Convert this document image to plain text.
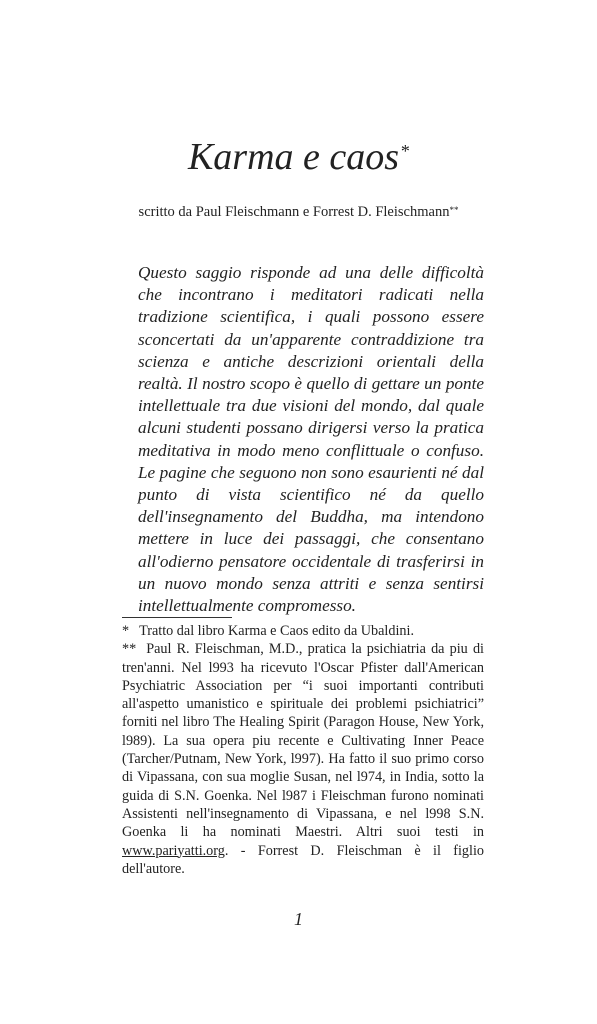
Karma e caos*
scritto da Paul Fleischmann e Forrest D. Fleischmann**

Questo saggio risponde ad una delle difficoltà che incontrano i meditatori radicati nella tradizione scientifica, i quali possono essere sconcertati da un'apparente contraddizione tra scienza e antiche descrizioni orientali della realtà. Il nostro scopo è quello di gettare un ponte intellettuale tra due visioni del mondo, dal quale alcuni studenti possano dirigersi verso la pratica meditativa in modo meno conflittuale o confuso. Le pagine che seguono non sono esaurienti né dal punto di vista scientifico né da quello dell'insegnamento del Buddha, ma intendono mettere in luce dei passaggi, che consentano all'odierno pensatore occidentale di trasferirsi in un nuovo mondo senza attriti e senza sentirsi intellettualmente compromesso.

* Tratto dal libro Karma e Caos edito da Ubaldini.

** Paul R. Fleischman, M.D., pratica la psichiatria da piu di tren'anni. Nel l993 ha ricevuto l'Oscar Pfister dall'American Psychiatric Association per “i suoi importanti contributi all'aspetto umanistico e spirituale dei problemi psichiatrici” forniti nel libro The Healing Spirit (Paragon House, New York, l989). La sua opera piu recente e Cultivating Inner Peace (Tarcher/Putnam, New York, l997). Ha fatto il suo primo corso di Vipassana, con sua moglie Susan, nel l974, in India, sotto la guida di S.N. Goenka. Nel l987 i Fleischman furono nominati Assistenti nell'insegnamento di Vipassana, e nel l998 S.N. Goenka li ha nominati Maestri. Altri suoi testi in www.pariyatti.org. - Forrest D. Fleischman è il figlio dell'autore.

1
